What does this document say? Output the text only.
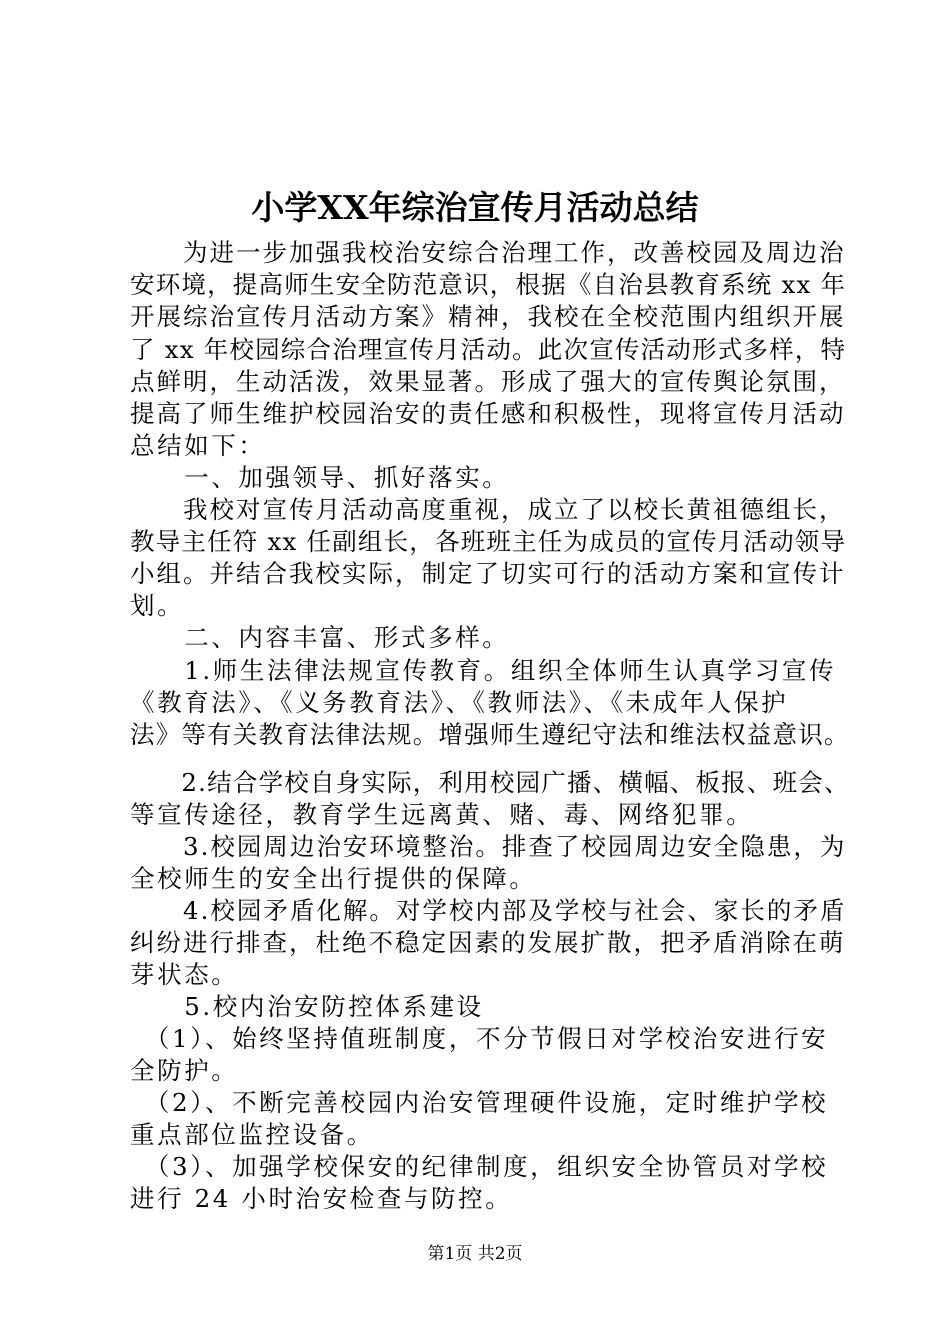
小学XX年综治宣传月活动总结
　　为进一步加强我校治安综合治理工作，改善校园及周边治
安环境，提高师生安全防范意识，根据《自治县教育系统 xx 年
开展综治宣传月活动方案》精神，我校在全校范围内组织开展
了 xx 年校园综合治理宣传月活动。此次宣传活动形式多样，特
点鲜明，生动活泼，效果显著。形成了强大的宣传舆论氛围，
提高了师生维护校园治安的责任感和积极性，现将宣传月活动
总结如下：
　　一、加强领导、抓好落实。
　　我校对宣传月活动高度重视，成立了以校长黄祖德组长，
教导主任符 xx 任副组长，各班班主任为成员的宣传月活动领导
小组。并结合我校实际，制定了切实可行的活动方案和宣传计
划。
　　二、内容丰富、形式多样。
　　1.师生法律法规宣传教育。组织全体师生认真学习宣传
《教育法》、《义务教育法》、《教师法》、《未成年人保护
法》等有关教育法律法规。增强师生遵纪守法和维法权益意识。
　　2.结合学校自身实际，利用校园广播、横幅、板报、班会、
等宣传途径，教育学生远离黄、赌、毒、网络犯罪。
　　3.校园周边治安环境整治。排查了校园周边安全隐患，为
全校师生的安全出行提供的保障。
　　4.校园矛盾化解。对学校内部及学校与社会、家长的矛盾
纠纷进行排查，杜绝不稳定因素的发展扩散，把矛盾消除在萌
芽状态。
　　5.校内治安防控体系建设
　（1）、始终坚持值班制度，不分节假日对学校治安进行安
全防护。
　（2）、不断完善校园内治安管理硬件设施，定时维护学校
重点部位监控设备。
　（3）、加强学校保安的纪律制度，组织安全协管员对学校
进行 24 小时治安检查与防控。
第1页 共2页
